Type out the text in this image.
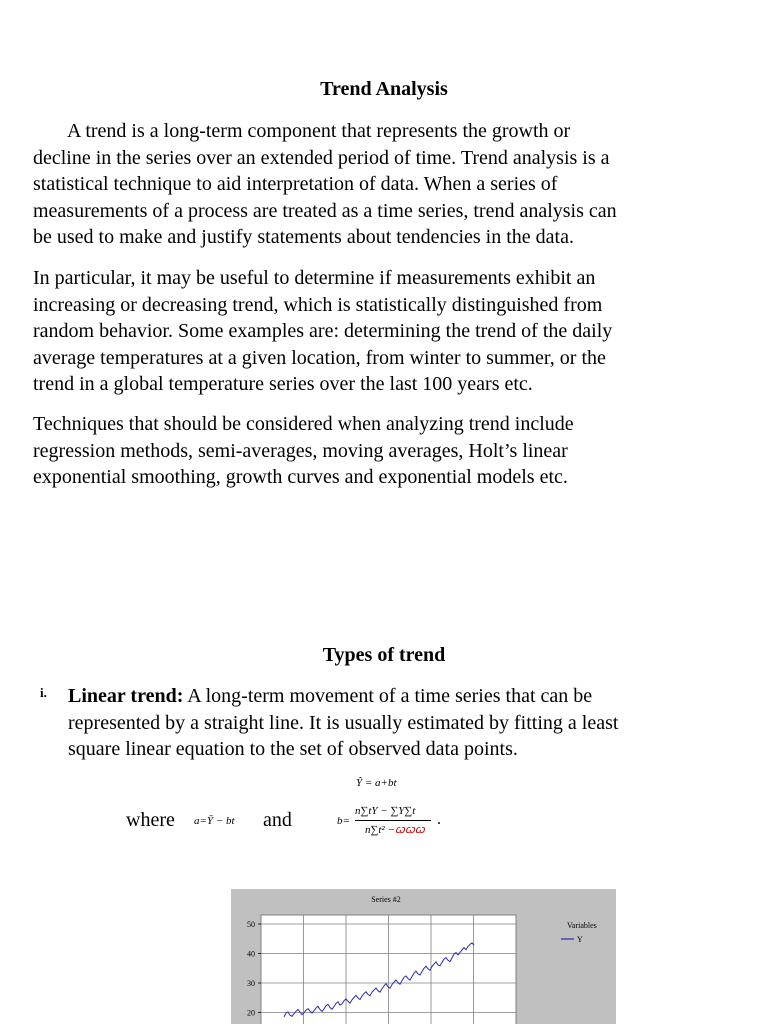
Trend Analysis
A trend is a long-term component that represents the growth or
decline in the series over an extended period of time. Trend analysis is a
statistical technique to aid interpretation of data. When a series of
measurements of a process are treated as a time series, trend analysis can
be used to make and justify statements about tendencies in the data.
In particular, it may be useful to determine if measurements exhibit an
increasing or decreasing trend, which is statistically distinguished from
random behavior. Some examples are: determining the trend of the daily
average temperatures at a given location, from winter to summer, or the
trend in a global temperature series over the last 100 years etc.
Techniques that should be considered when analyzing trend include
regression methods, semi-averages, moving averages, Holt’s linear
exponential smoothing, growth curves and exponential models etc.
Types of trend
i. Linear trend: A long-term movement of a time series that can be
represented by a straight line. It is usually estimated by fitting a least
square linear equation to the set of observed data points.
Ŷ = a+bt
where a=Ȳ − bt and	b=
n∑tY − ∑Y∑t
n∑t² −ꞷꞷꞷ
.
50
40
30
20
Series #2
Variables
Y
